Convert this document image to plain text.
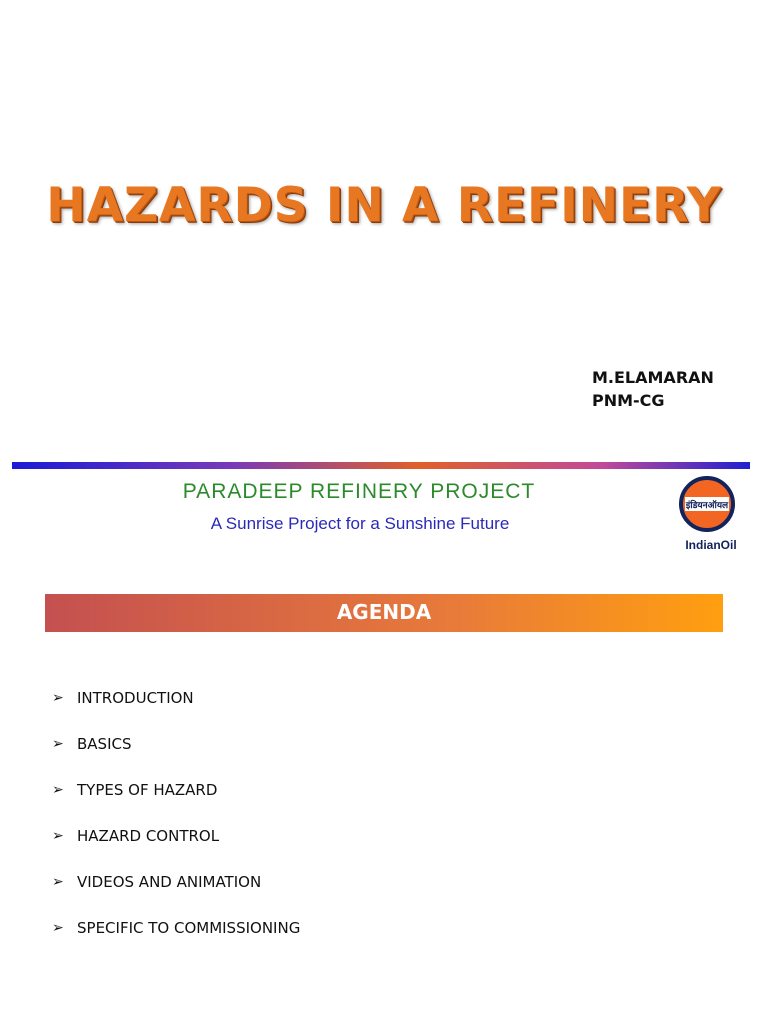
HAZARDS IN A REFINERY
M.ELAMARAN
PNM-CG
PARADEEP REFINERY PROJECT
A Sunrise Project for a Sunshine Future
इंडियनऑयल
IndianOil
AGENDA
➢ INTRODUCTION
➢ BASICS
➢ TYPES OF HAZARD
➢ HAZARD CONTROL
➢ VIDEOS AND ANIMATION
➢ SPECIFIC TO COMMISSIONING
